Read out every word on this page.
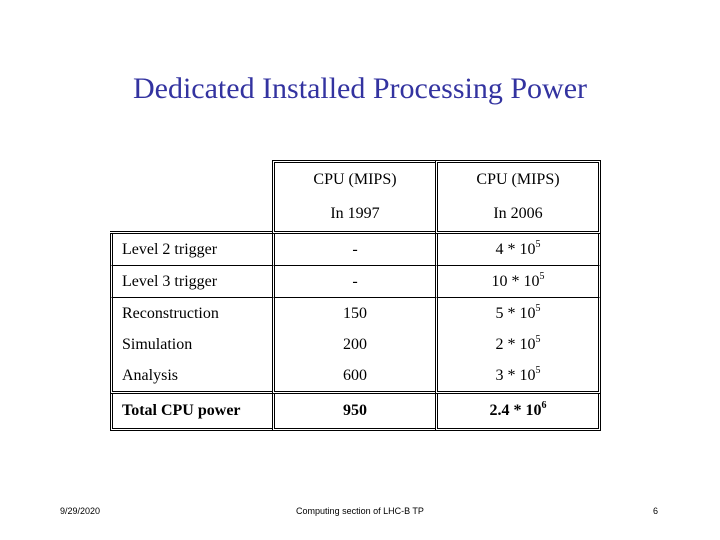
Dedicated Installed Processing Power
	CPU (MIPS)	CPU (MIPS)
	In 1997	In 2006
Level 2 trigger	-	$4 * 10^5$
Level 3 trigger	-	$10 * 10^5$
Reconstruction	150	$5 * 10^5$
Simulation	200	$2 * 10^5$
Analysis	600	$3 * 10^5$
Total CPU power	950	$2.4 * 10^6$
9/29/2020	Computing section of LHC-B TP	6
